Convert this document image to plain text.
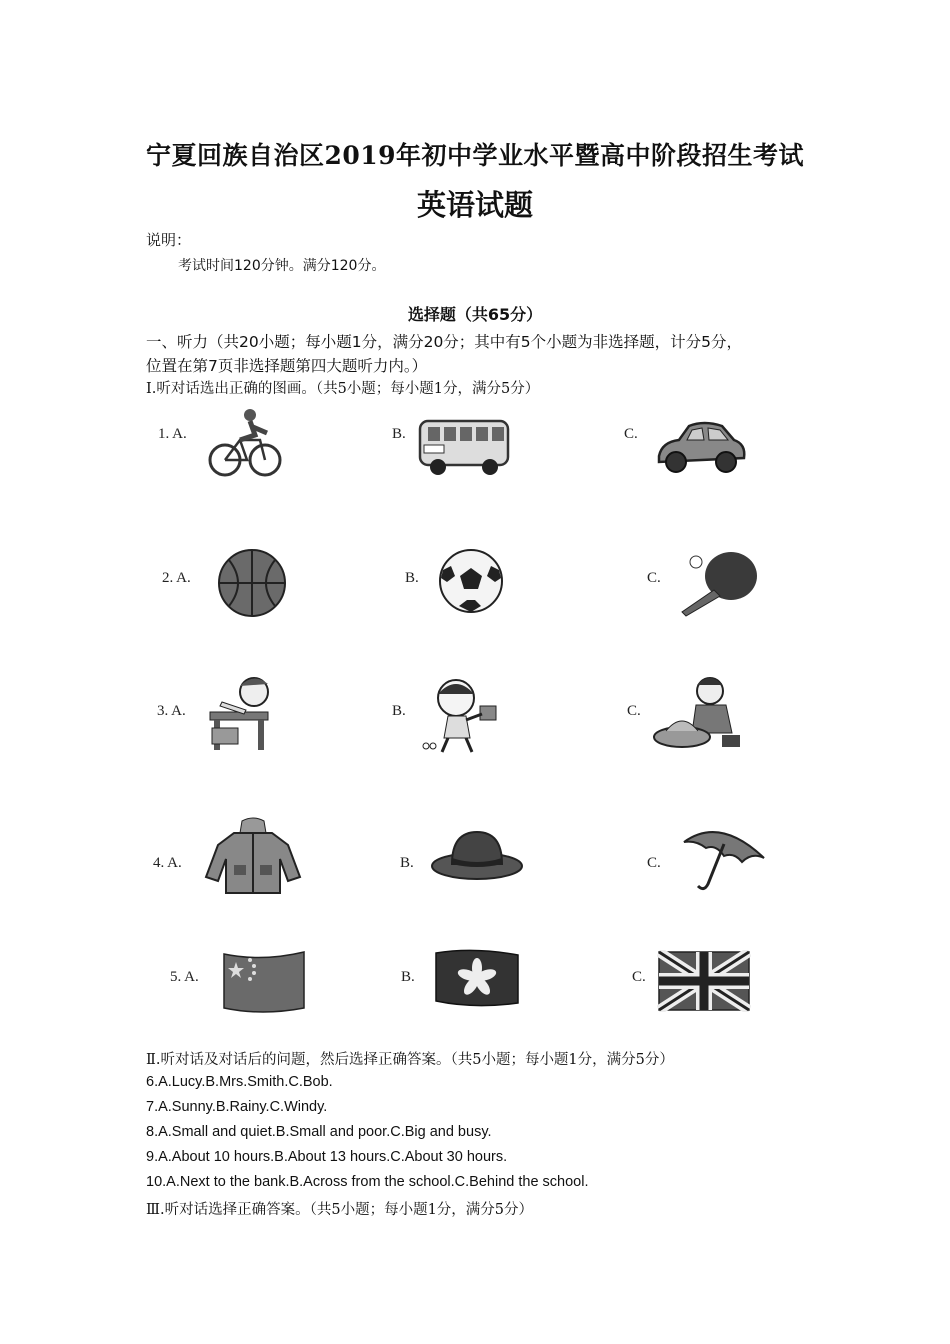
宁夏回族自治区2019年初中学业水平暨高中阶段招生考试
英语试题
说明：
考试时间120分钟。满分120分。
选择题（共65分）
一、听力（共20小题；每小题1分，满分20分；其中有5个小题为非选择题，计分5分，
位置在第7页非选择题第四大题听力内。）
Ⅰ.听对话选出正确的图画。（共5小题；每小题1分，满分5分）
1. A.	B.	C.
2. A.	B.	C.
3. A.	B.	C.
4. A.	B.	C.
5. A.	B.	C.
Ⅱ.听对话及对话后的问题，然后选择正确答案。（共5小题；每小题1分，满分5分）
6.A.Lucy.B.Mrs.Smith.C.Bob.
7.A.Sunny.B.Rainy.C.Windy.
8.A.Small and quiet.B.Small and poor.C.Big and busy.
9.A.About 10 hours.B.About 13 hours.C.About 30 hours.
10.A.Next to the bank.B.Across from the school.C.Behind the school.
Ⅲ.听对话选择正确答案。（共5小题；每小题1分，满分5分）
